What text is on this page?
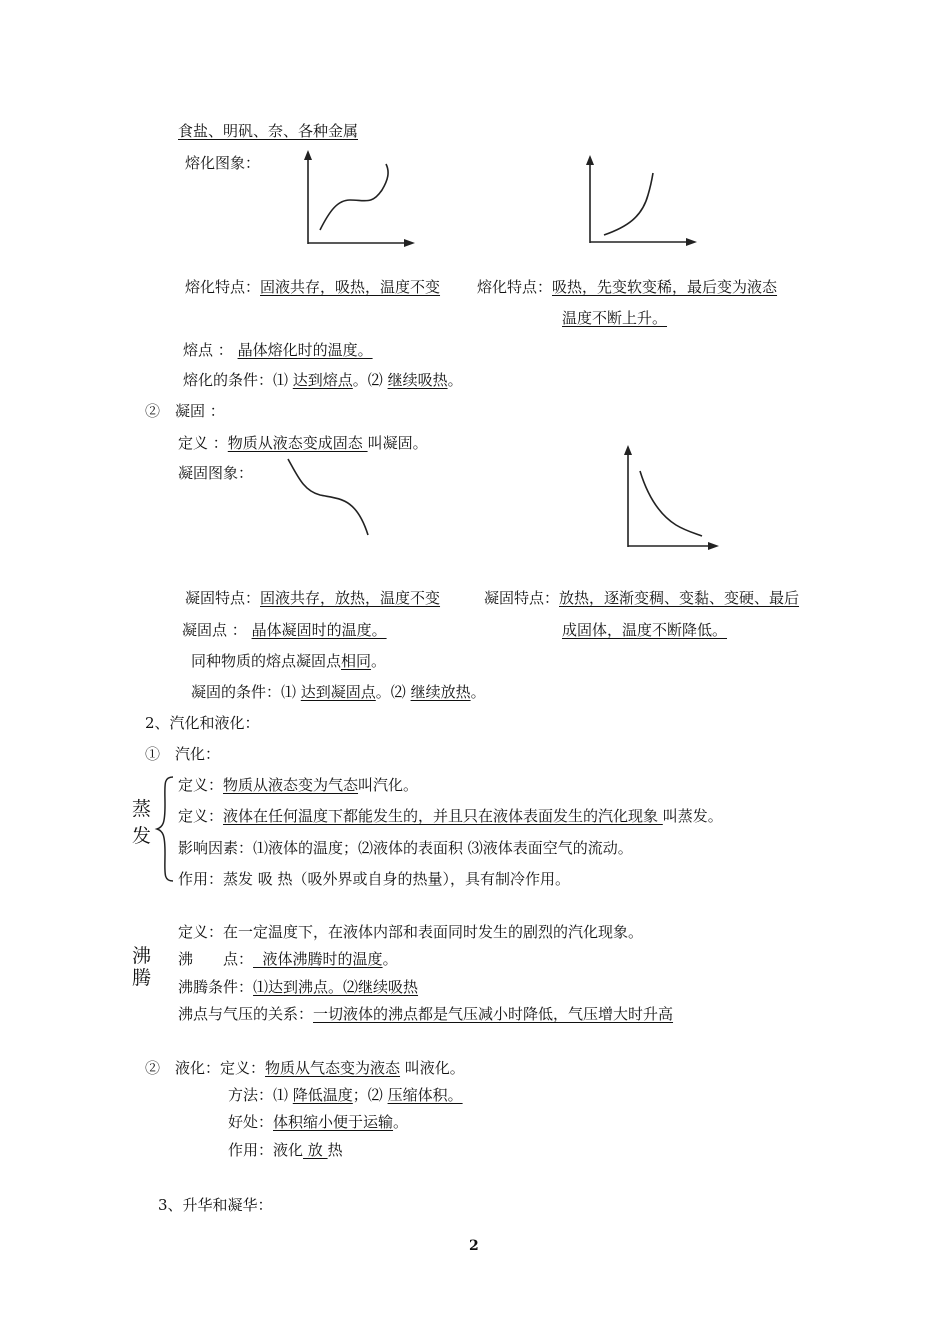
食盐、明矾、奈、各种金属
熔化图象：
熔化特点：固液共存，吸热，温度不变 熔化特点：吸热，先变软变稀，最后变为液态
温度不断上升。
熔点 ： 晶体熔化时的温度。
熔化的条件：⑴ 达到熔点。⑵ 继续吸热。
②　凝固 ：
定义 ：物质从液态变成固态 叫凝固。
凝固图象：
凝固特点：固液共存，放热，温度不变	凝固特点：放热，逐渐变稠、变黏、变硬、最后
凝固点 ： 晶体凝固时的温度。	成固体，温度不断降低。
同种物质的熔点凝固点相同。
凝固的条件：⑴ 达到凝固点。⑵ 继续放热。
2、汽化和液化：
①　汽化：
蒸
发
定义：物质从液态变为气态叫汽化。
定义：液体在任何温度下都能发生的，并且只在液体表面发生的汽化现象 叫蒸发。
影响因素：⑴液体的温度；⑵液体的表面积 ⑶液体表面空气的流动。
作用：蒸发 吸 热（吸外界或自身的热量），具有制冷作用。
沸
腾
定义：在一定温度下，在液体内部和表面同时发生的剧烈的汽化现象。
沸　　点：  液体沸腾时的温度。
沸腾条件：⑴达到沸点。⑵继续吸热
沸点与气压的关系：一切液体的沸点都是气压减小时降低，气压增大时升高
②　液化：定义：物质从气态变为液态 叫液化。
方法：⑴ 降低温度；⑵ 压缩体积。
好处：体积缩小便于运输。
作用：液化 放 热
3、升华和凝华：
2
